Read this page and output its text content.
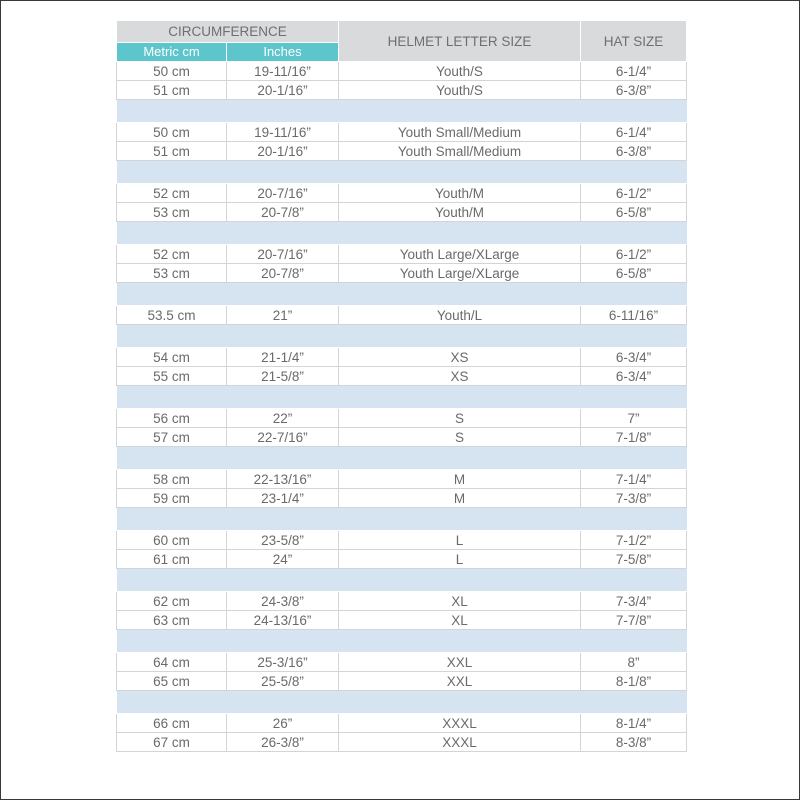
CIRCUMFERENCE		HELMET LETTER SIZE	HAT SIZE
Metric cm	Inches		
50 cm	19-11/16”	Youth/S	6-1/4”
51 cm	20-1/16”	Youth/S	6-3/8”

50 cm	19-11/16”	Youth Small/Medium	6-1/4”
51 cm	20-1/16”	Youth Small/Medium	6-3/8”

52 cm	20-7/16”	Youth/M	6-1/2”
53 cm	20-7/8”	Youth/M	6-5/8”

52 cm	20-7/16”	Youth Large/XLarge	6-1/2”
53 cm	20-7/8”	Youth Large/XLarge	6-5/8”

53.5 cm	21”	Youth/L	6-11/16”

54 cm	21-1/4”	XS	6-3/4”
55 cm	21-5/8”	XS	6-3/4”

56 cm	22”	S	7”
57 cm	22-7/16”	S	7-1/8”

58 cm	22-13/16”	M	7-1/4”
59 cm	23-1/4”	M	7-3/8”

60 cm	23-5/8”	L	7-1/2”
61 cm	24”	L	7-5/8”

62 cm	24-3/8”	XL	7-3/4”
63 cm	24-13/16”	XL	7-7/8”

64 cm	25-3/16”	XXL	8”
65 cm	25-5/8”	XXL	8-1/8”

66 cm	26”	XXXL	8-1/4”
67 cm	26-3/8”	XXXL	8-3/8”
